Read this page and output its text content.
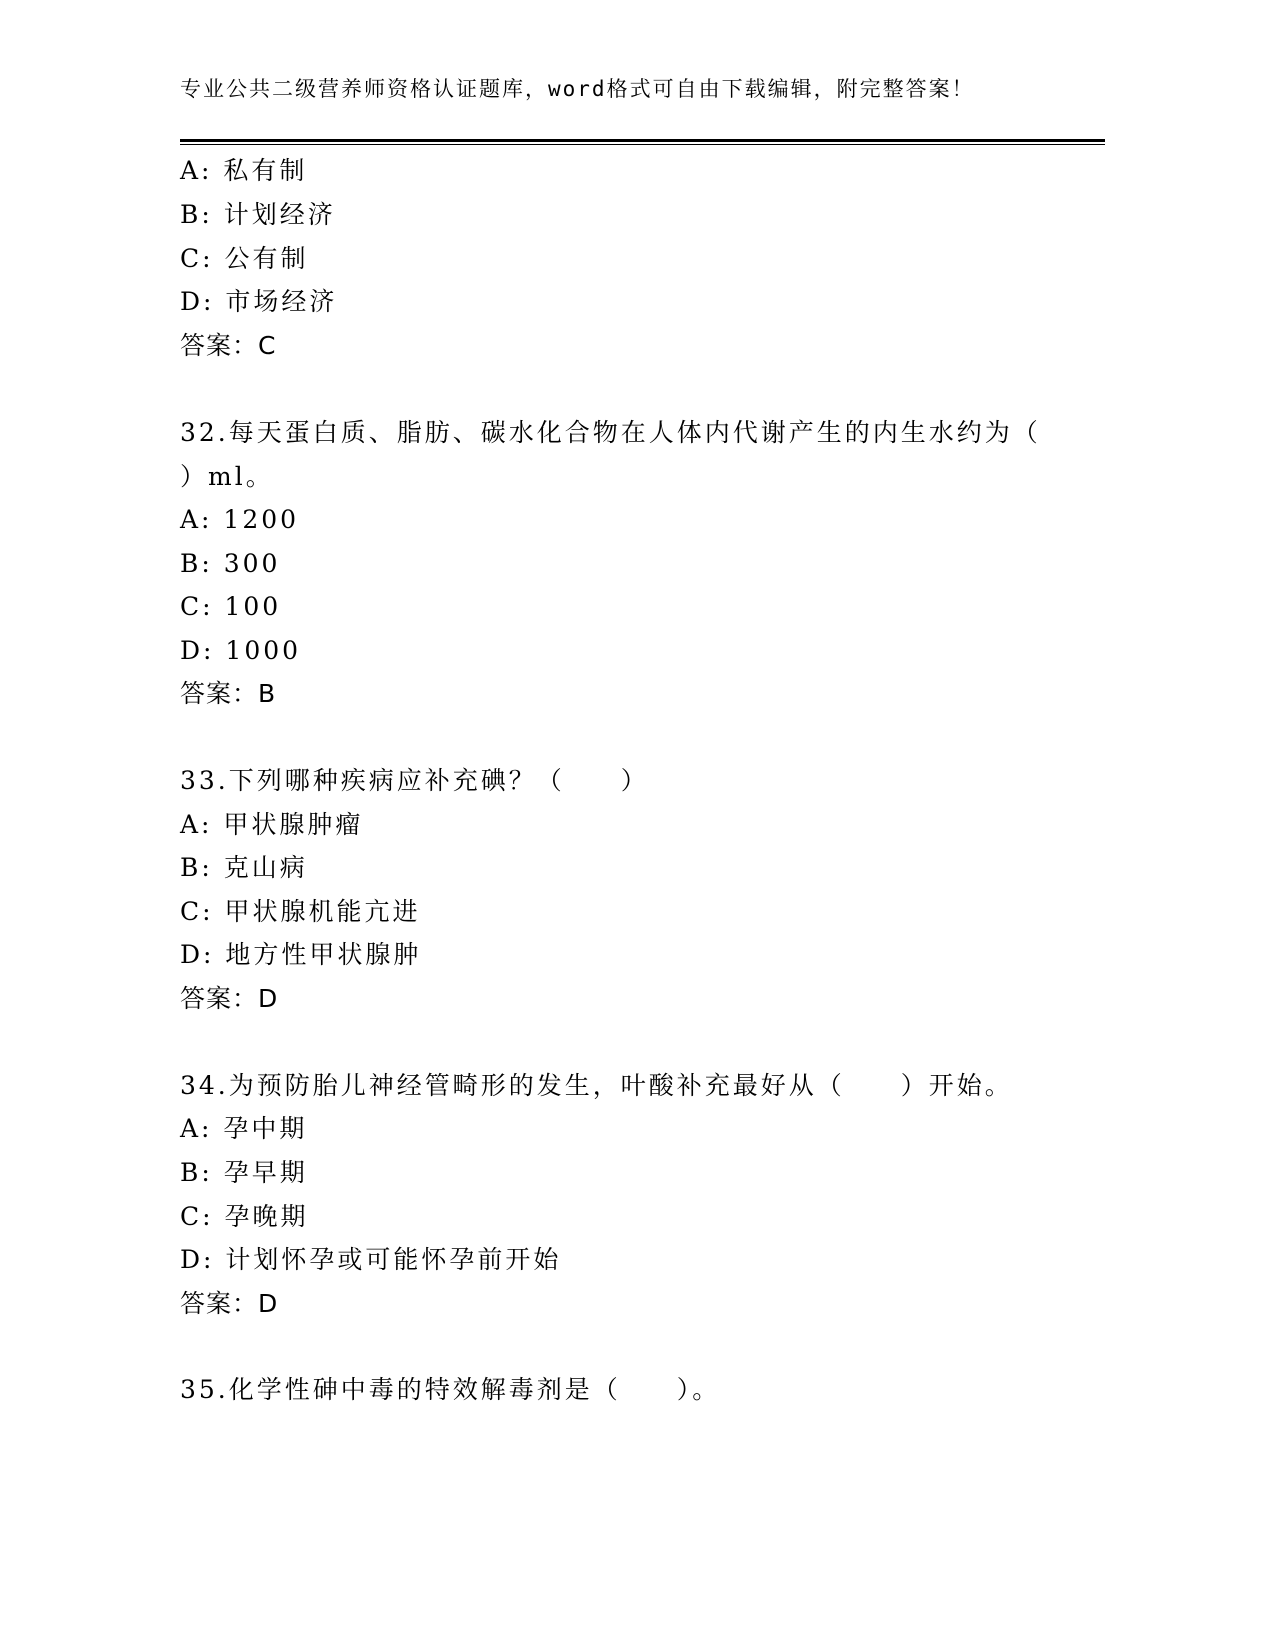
专业公共二级营养师资格认证题库，word格式可自由下载编辑，附完整答案！
A: 私有制
B: 计划经济
C: 公有制
D: 市场经济
答案：C
32.每天蛋白质、脂肪、碳水化合物在人体内代谢产生的内生水约为（
）ml。
A: 1200
B: 300
C: 100
D: 1000
答案：B
33.下列哪种疾病应补充碘？（　　）
A: 甲状腺肿瘤
B: 克山病
C: 甲状腺机能亢进
D: 地方性甲状腺肿
答案：D
34.为预防胎儿神经管畸形的发生，叶酸补充最好从（　　）开始。
A: 孕中期
B: 孕早期
C: 孕晚期
D: 计划怀孕或可能怀孕前开始
答案：D
35.化学性砷中毒的特效解毒剂是（　　）。
